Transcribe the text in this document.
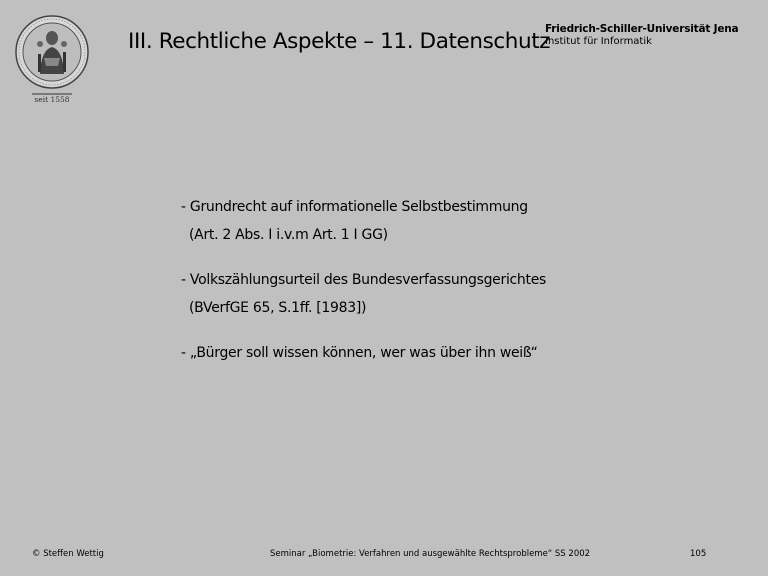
seit 1558
III. Rechtliche Aspekte – 11. Datenschutz
Friedrich-Schiller-Universität Jena
Institut für Informatik
- Grundrecht auf informationelle Selbstbestimmung
(Art. 2 Abs. I i.v.m Art. 1 I GG)
- Volkszählungsurteil des Bundesverfassungsgerichtes
(BVerfGE 65, S.1ff. [1983])
- „Bürger soll wissen können, wer was über ihn weiß“
© Steffen Wettig	Seminar „Biometrie: Verfahren und ausgewählte Rechtsprobleme“ SS 2002	105
